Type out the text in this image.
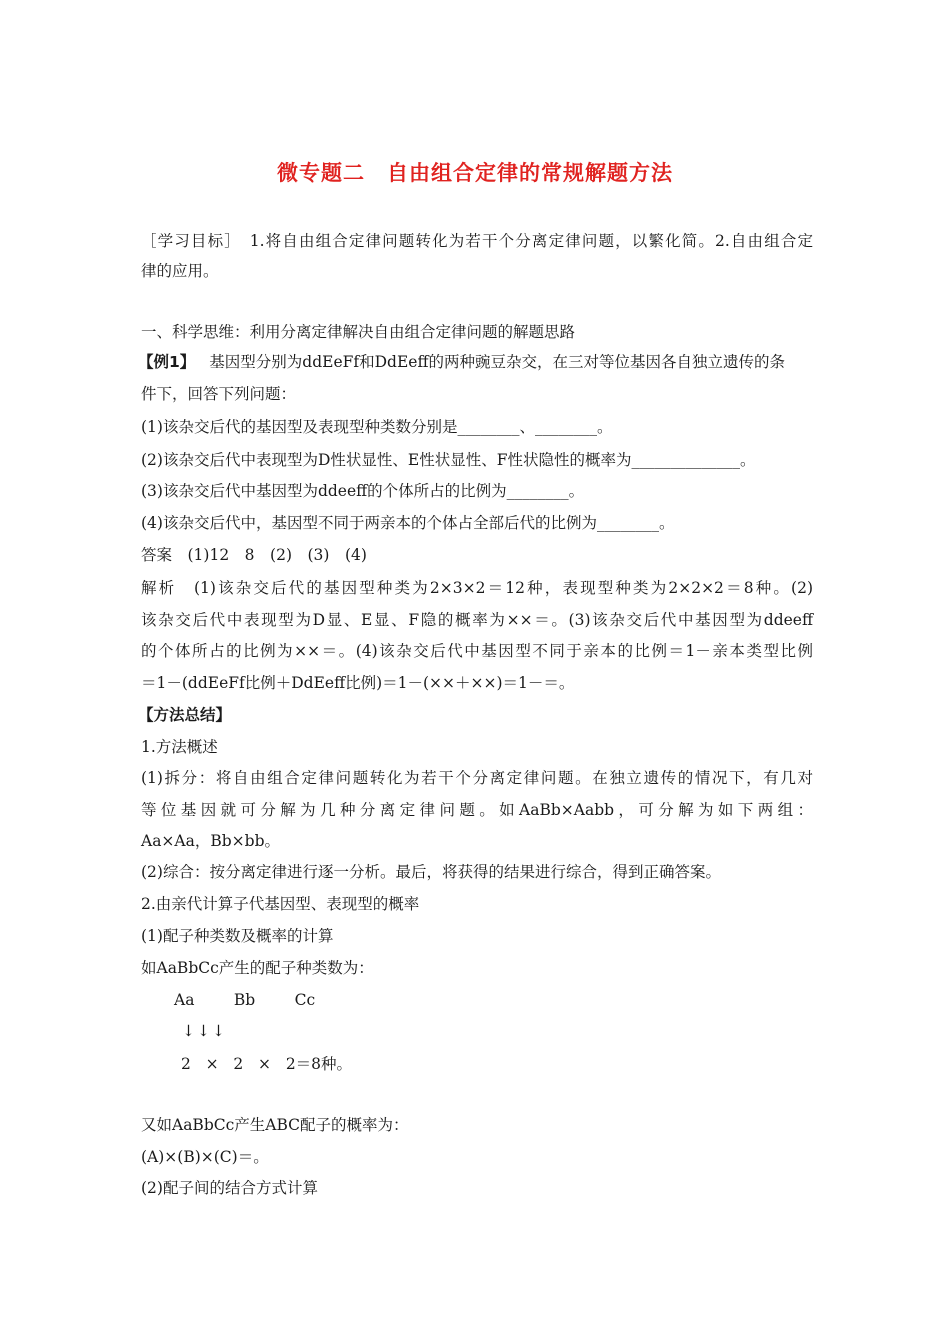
微专题二　自由组合定律的常规解题方法
［学习目标］　1.将自由组合定律问题转化为若干个分离定律问题，以繁化简。2.自由组合定
律的应用。
一、科学思维：利用分离定律解决自由组合定律问题的解题思路
【例1】 基因型分别为ddEeFf和DdEeff的两种豌豆杂交，在三对等位基因各自独立遗传的条
件下，回答下列问题：
(1)该杂交后代的基因型及表现型种类数分别是________、________。
(2)该杂交后代中表现型为D性状显性、E性状显性、F性状隐性的概率为______________。
(3)该杂交后代中基因型为ddeeff的个体所占的比例为________。
(4)该杂交后代中，基因型不同于两亲本的个体占全部后代的比例为________。
答案　(1)12　8　(2)　(3)　(4)
解析　(1)该杂交后代的基因型种类为2×3×2＝12种，表现型种类为2×2×2＝8种。(2)
该杂交后代中表现型为D显、E显、F隐的概率为××＝。(3)该杂交后代中基因型为ddeeff
的个体所占的比例为××＝。(4)该杂交后代中基因型不同于亲本的比例＝1－亲本类型比例
＝1－(ddEeFf比例＋DdEeff比例)＝1－(××＋××)＝1－＝。
【方法总结】
1.方法概述
(1)拆分：将自由组合定律问题转化为若干个分离定律问题。在独立遗传的情况下，有几对
等位基因就可分解为几种分离定律问题。如AaBb×Aabb，可分解为如下两组：
Aa×Aa，Bb×bb。
(2)综合：按分离定律进行逐一分析。最后，将获得的结果进行综合，得到正确答案。
2.由亲代计算子代基因型、表现型的概率
(1)配子种类数及概率的计算
如AaBbCc产生的配子种类数为：
Aa        Bb        Cc
↓↓↓
2   ×   2   ×   2＝8种。
又如AaBbCc产生ABC配子的概率为：
(A)×(B)×(C)＝。
(2)配子间的结合方式计算
